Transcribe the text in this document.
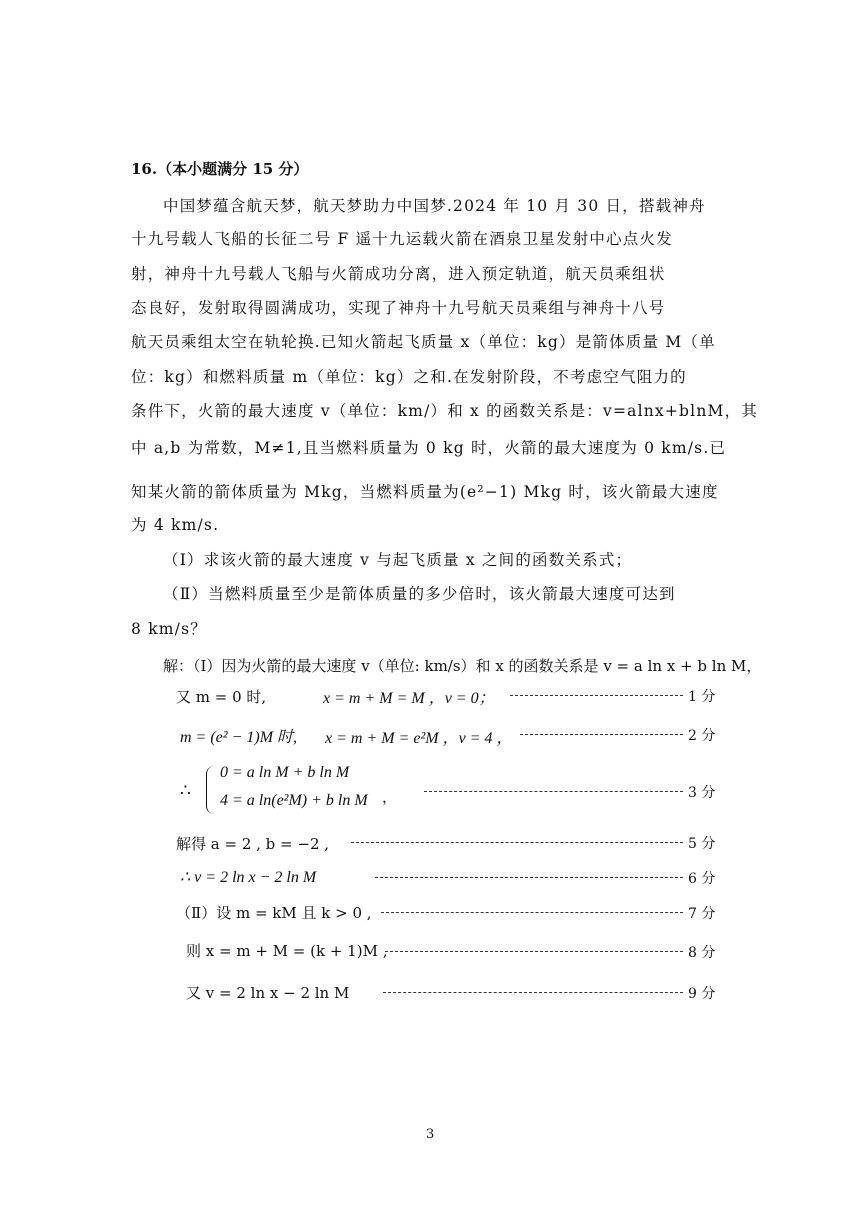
16.（本小题满分 15 分）
中国梦蕴含航天梦，航天梦助力中国梦.2024 年 10 月 30 日，搭载神舟
十九号载人飞船的长征二号 F 遥十九运载火箭在酒泉卫星发射中心点火发
射，神舟十九号载人飞船与火箭成功分离，进入预定轨道，航天员乘组状
态良好，发射取得圆满成功，实现了神舟十九号航天员乘组与神舟十八号
航天员乘组太空在轨轮换.已知火箭起飞质量 x（单位：kg）是箭体质量 M（单
位：kg）和燃料质量 m（单位：kg）之和.在发射阶段，不考虑空气阻力的
条件下，火箭的最大速度 v（单位：km/）和 x 的函数关系是：v=alnx+blnM，其
中 a,b 为常数，M≠1,且当燃料质量为 0 kg 时，火箭的最大速度为 0 km/s.已
知某火箭的箭体质量为 Mkg，当燃料质量为(e²−1) Mkg 时，该火箭最大速度
为 4 km/s.
（Ⅰ）求该火箭的最大速度 v 与起飞质量 x 之间的函数关系式；
（Ⅱ）当燃料质量至少是箭体质量的多少倍时，该火箭最大速度可达到
8 km/s？
解：（Ⅰ）因为火箭的最大速度 v（单位: km/s）和 x 的函数关系是 v = a ln x + b ln M，
又 m = 0 时,	x = m + M = M ，v = 0；	1 分
m = (e² − 1)M 时, x = m + M = e²M ，v = 4 ，	2 分
∴
0 = a ln M + b ln M
4 = a ln(e²M) + b ln M ，	3 分
解得 a = 2 , b = −2 ,	5 分
∴ v = 2 ln x − 2 ln M	6 分
（Ⅱ）设 m = kM 且 k > 0 ,	7 分
则 x = m + M = (k + 1)M ,	8 分
又 v = 2 ln x − 2 ln M	9 分
3
